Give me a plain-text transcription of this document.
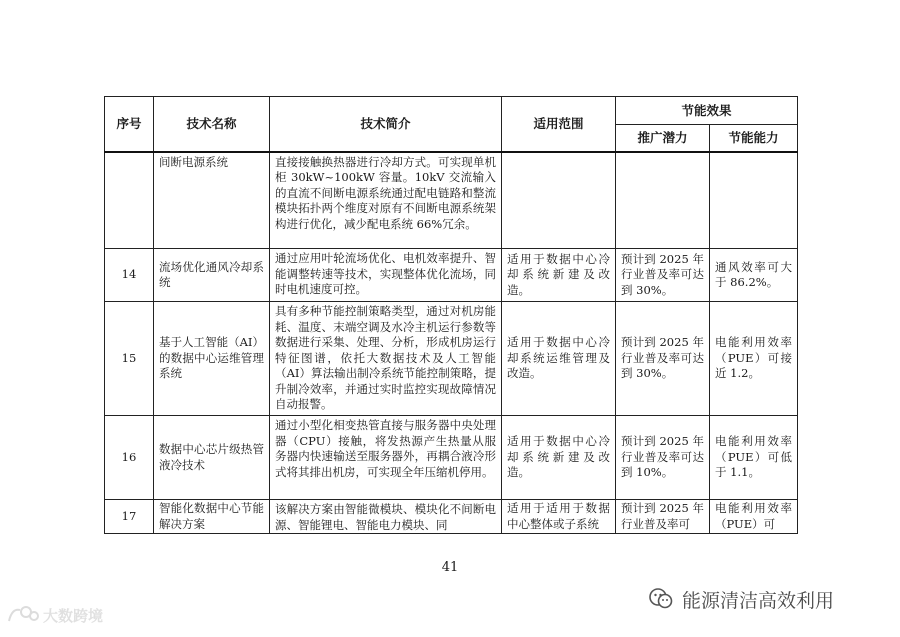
序号	技术名称	技术简介	适用范围	节能效果	
				推广潜力	节能能力
	间断电源系统	直接接触换热器进行冷却方式。可实现单机柜 30kW~100kW 容量。10kV 交流输入的直流不间断电源系统通过配电链路和整流模块拓扑两个维度对原有不间断电源系统架构进行优化，减少配电系统 66%冗余。			
14	流场优化通风冷却系统	通过应用叶轮流场优化、电机效率提升、智能调整转速等技术，实现整体优化流场，同时电机速度可控。	适用于数据中心冷却系统新建及改造。	预计到 2025 年行业普及率可达到 30%。	通风效率可大于 86.2%。
15	基于人工智能（AI）的数据中心运维管理系统	具有多种节能控制策略类型，通过对机房能耗、温度、末端空调及水冷主机运行参数等数据进行采集、处理、分析，形成机房运行特征图谱，依托大数据技术及人工智能（AI）算法输出制冷系统节能控制策略，提升制冷效率，并通过实时监控实现故障情况自动报警。	适用于数据中心冷却系统运维管理及改造。	预计到 2025 年行业普及率可达到 30%。	电能利用效率（PUE）可接近 1.2。
16	数据中心芯片级热管液冷技术	通过小型化相变热管直接与服务器中央处理器（CPU）接触，将发热源产生热量从服务器内快速输送至服务器外，再耦合液冷形式将其排出机房，可实现全年压缩机停用。	适用于数据中心冷却系统新建及改造。	预计到 2025 年行业普及率可达到 10%。	电能利用效率（PUE）可低于 1.1。
17	智能化数据中心节能解决方案	该解决方案由智能微模块、模块化不间断电源、智能锂电、智能电力模块、同	适用于适用于数据中心整体或子系统	预计到 2025 年行业普及率可	电能利用效率（PUE）可
41
能源清洁高效利用
大数跨境
